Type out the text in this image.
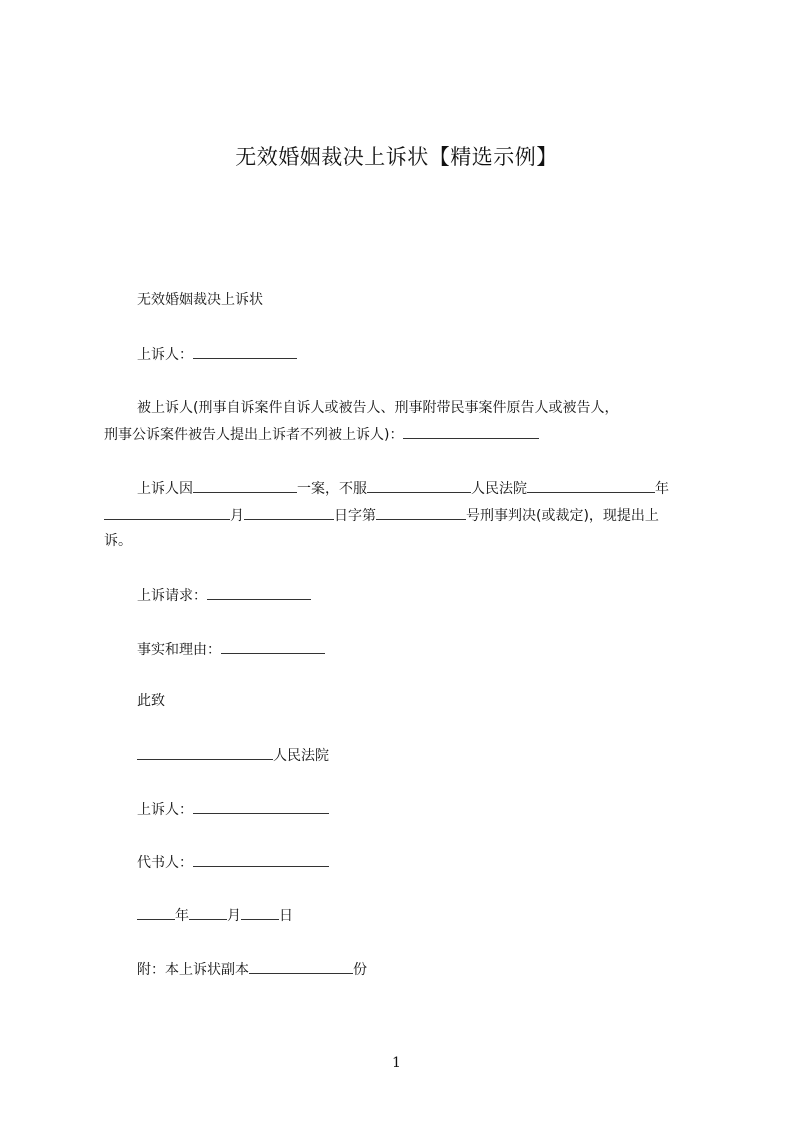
无效婚姻裁决上诉状【精选示例】
无效婚姻裁决上诉状
上诉人：
被上诉人(刑事自诉案件自诉人或被告人、刑事附带民事案件原告人或被告人，
刑事公诉案件被告人提出上诉者不列被上诉人)：
上诉人因	一案，不服	人民法院	年
月	日字第	号刑事判决(或裁定)，现提出上
诉。
上诉请求：
事实和理由：
此致
人民法院
上诉人：
代书人：
年	月	日
附：本上诉状副本	份
1
